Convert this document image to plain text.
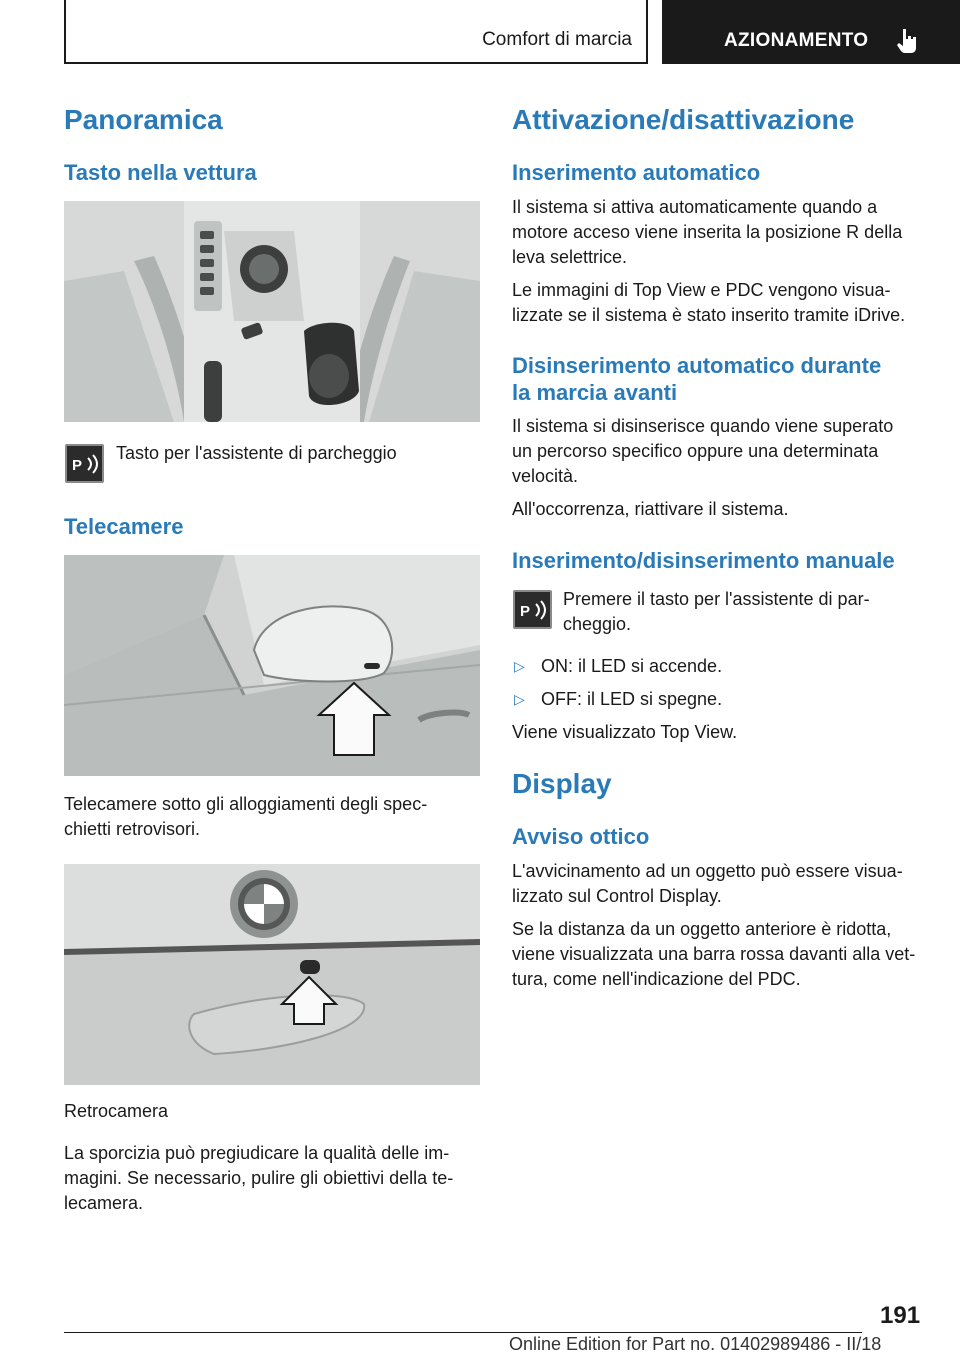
Comfort di marcia	AZIONAMENTO
Panoramica
Tasto nella vettura
P
Tasto per l'assistente di parcheggio
Telecamere
Telecamere sotto gli alloggiamenti degli spec‐
chietti retrovisori.
Retrocamera
La sporcizia può pregiudicare la qualità delle im‐
magini. Se necessario, pulire gli obiettivi della te‐
lecamera.
Attivazione/disattivazione
Inserimento automatico
Il sistema si attiva automaticamente quando a
motore acceso viene inserita la posizione R della
leva selettrice.
Le immagini di Top View e PDC vengono visua‐
lizzate se il sistema è stato inserito tramite iDrive.
Disinserimento automatico durante
la marcia avanti
Il sistema si disinserisce quando viene superato
un percorso specifico oppure una determinata
velocità.
All'occorrenza, riattivare il sistema.
Inserimento/disinserimento manuale
P
Premere il tasto per l'assistente di par‐
cheggio.
▷ ON: il LED si accende.
▷ OFF: il LED si spegne.
Viene visualizzato Top View.
Display
Avviso ottico
L'avvicinamento ad un oggetto può essere visua‐
lizzato sul Control Display.
Se la distanza da un oggetto anteriore è ridotta,
viene visualizzata una barra rossa davanti alla vet‐
tura, come nell'indicazione del PDC.
191
Online Edition for Part no. 01402989486 - II/18
